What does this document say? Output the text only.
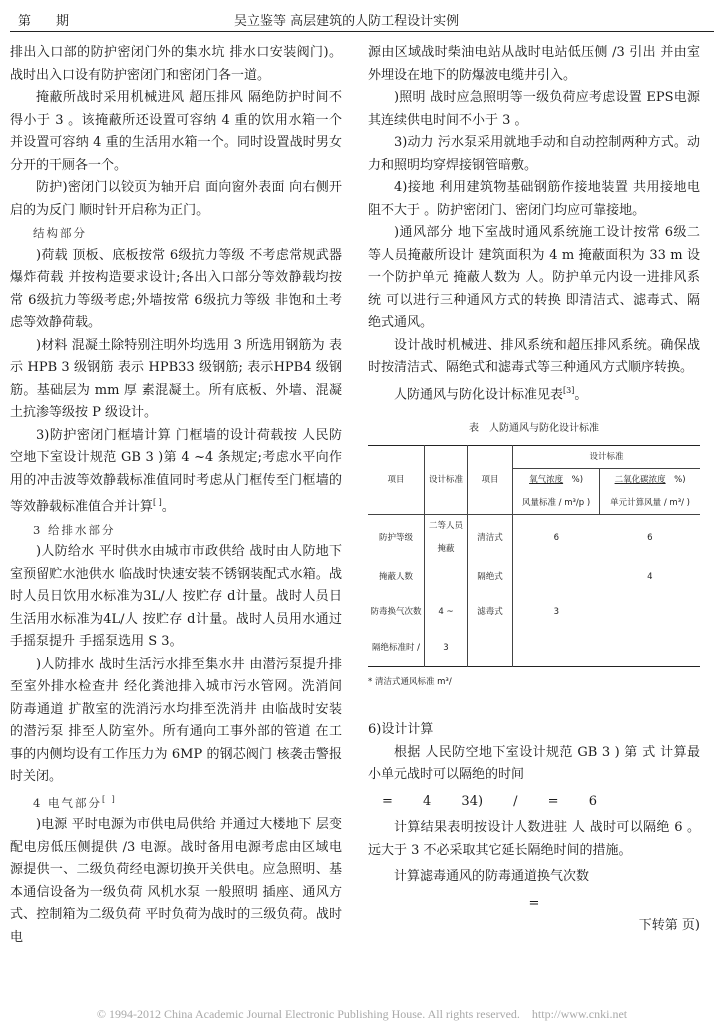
第　期	吴立鉴等 高层建筑的人防工程设计实例

排出入口部的防护密闭门外的集水坑 排水口安装阀门)。战时出入口设有防护密闭门和密闭门各一道。

掩蔽所战时采用机械进风 超压排风 隔绝防护时间不得小于 3 。该掩蔽所还设置可容纳 4 重的饮用水箱一个 并设置可容纳 4 重的生活用水箱一个。同时设置战时男女分开的干厕各一个。

防护)密闭门以铰页为轴开启 面向窗外表面 向右侧开启的为反门 顺时针开启称为正门。

结构部分

)荷载 顶板、底板按常 6级抗力等级 不考虑常规武器爆炸荷载 并按构造要求设计;各出入口部分等效静载均按常 6级抗力等级考虑;外墙按常 6级抗力等级 非饱和土考虑等效静荷载。

)材料 混凝土除特别注明外均选用 3 所选用钢筋为 表示 HPB 3 级钢筋 表示 HPB33 级钢筋; 表示HPB4 级钢筋。基础层为 mm 厚 素混凝土。所有底板、外墙、混凝土抗渗等级按 P 级设计。

3)防护密闭门框墙计算 门框墙的设计荷载按 人民防空地下室设计规范 GB 3 )第 4 ~4 条规定;考虑水平向作用的冲击波等效静载标准值同时考虑从门框传至门框墙的等效静载标准值合并计算[ ]。

3 给排水部分

)人防给水 平时供水由城市市政供给 战时由人防地下室预留贮水池供水 临战时快速安装不锈钢装配式水箱。战时人员日饮用水标准为3L/人 按贮存 d计量。战时人员日生活用水标准为4L/人 按贮存 d计量。战时人员用水通过手摇泵提升 手摇泵选用 S 3。

)人防排水 战时生活污水排至集水井 由潜污泵提升排至室外排水检查井 经化粪池排入城市污水管网。洗消间 防毒通道 扩散室的洗消污水均排至洗消井 由临战时安装的潜污泵 排至人防室外。所有通向工事外部的管道 在工事的内侧均设有工作压力为 6MP 的钢芯阀门 核袭击警报时关闭。

4 电气部分[ ]

)电源 平时电源为市供电局供给 并通过大楼地下 层变配电房低压侧提供 /3 电源。战时备用电源考虑由区域电源提供一、二级负荷经电源切换开关供电。应急照明、基本通信设备为一级负荷 风机水泵 一般照明 插座、通风方式、控制箱为二级负荷 平时负荷为战时的三级负荷。战时电

源由区域战时柴油电站从战时电站低压侧 /3 引出 并由室外埋设在地下的防爆波电缆井引入。

)照明 战时应急照明等一级负荷应考虑设置 EPS电源 其连续供电时间不小于 3 。

3)动力 污水泵采用就地手动和自动控制两种方式。动力和照明均穿焊接钢管暗敷。

4)接地 利用建筑物基础钢筋作接地装置 共用接地电阻不大于 。防护密闭门、密闭门均应可靠接地。

)通风部分 地下室战时通风系统施工设计按常 6级二等人员掩蔽所设计 建筑面积为 4 m 掩蔽面积为 33 m 设一个防护单元 掩蔽人数为 人。防护单元内设一进排风系统 可以进行三种通风方式的转换 即清洁式、滤毒式、隔绝式通风。

设计战时机械进、排风系统和超压排风系统。确保战时按清洁式、隔绝式和滤毒式等三种通风方式顺序转换。

人防通风与防化设计标准见表[3]。

表　人防通风与防化设计标准
项目	设计标准	项目	设计标准	
			氧气浓度　 %)	二氧化碳浓度　 %)
			风量标准 / m³/p )	单元计算风量 / m³/ )
防护等级	二等人员掩蔽	清洁式	6	6
掩蔽人数		隔绝式		4
防毒换气次数	4 ~	滤毒式	3	
隔绝标准时 /	3			
* 清洁式通风标准 m³/

6)设计计算

根据 人民防空地下室设计规范 GB 3 ) 第 式 计算最小单元战时可以隔绝的时间

= 4 34) / = 6

计算结果表明按设计人数进驻 人 战时可以隔绝 6 。远大于 3 不必采取其它延长隔绝时间的措施。

计算滤毒通风的防毒通道换气次数

=

下转第 页)

© 1994-2012 China Academic Journal Electronic Publishing House. All rights reserved.　http://www.cnki.net
